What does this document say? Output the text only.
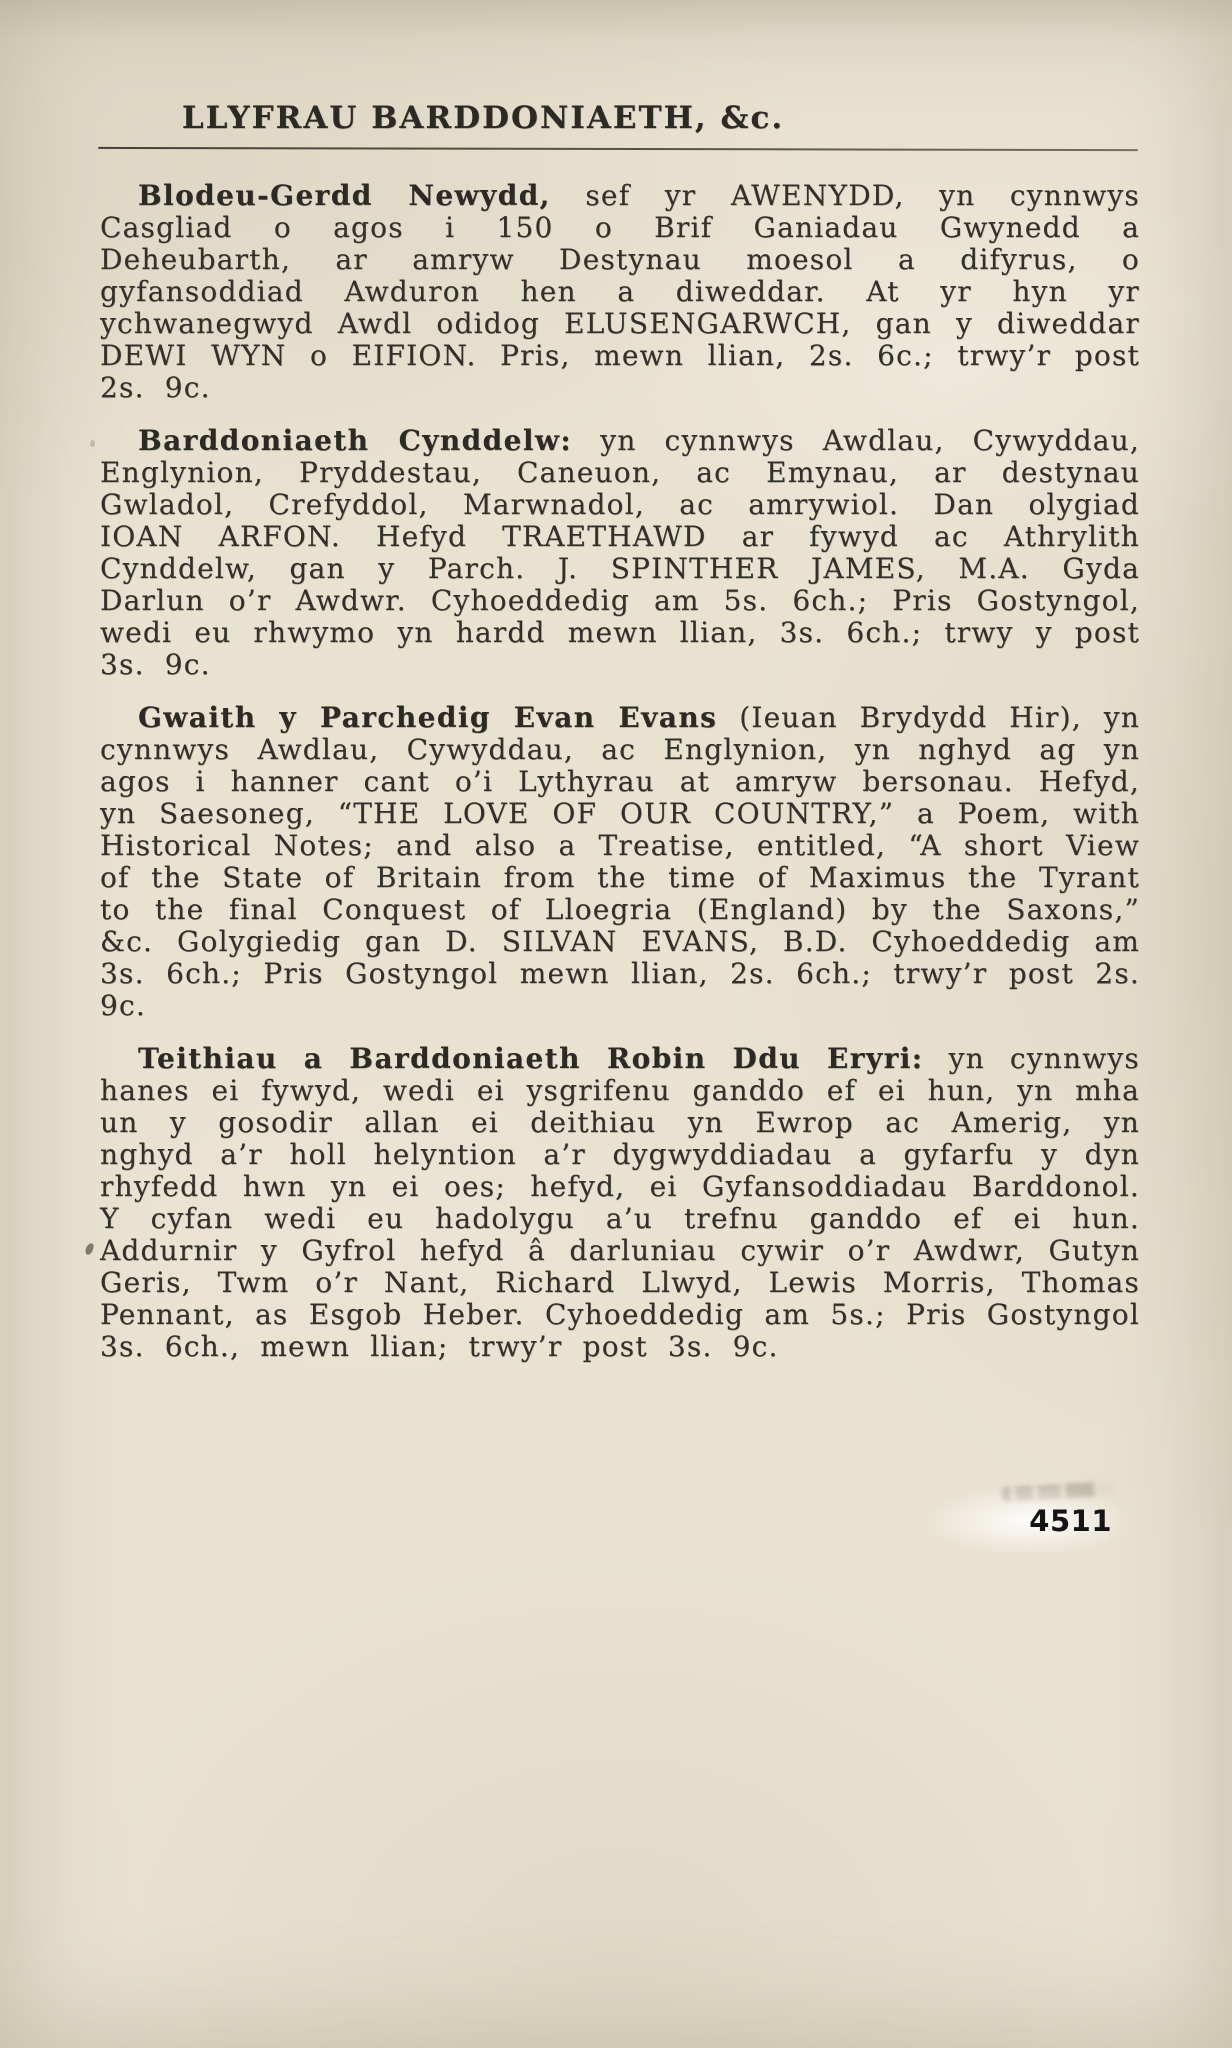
LLYFRAU BARDDONIAETH, &c.

Blodeu-Gerdd Newydd, sef yr AWENYDD, yn cynnwys Casgliad o agos i 150 o Brif Ganiadau Gwynedd a Deheubarth, ar amryw Destynau moesol a difyrus, o gyfansoddiad Awduron hen a diweddar. At yr hyn yr ychwanegwyd Awdl odidog ELUSENGARWCH, gan y diweddar DEWI WYN o EIFION. Pris, mewn llian, 2s. 6c.; trwy’r post 2s. 9c.

Barddoniaeth Cynddelw: yn cynnwys Awdlau, Cywyddau, Englynion, Pryddestau, Caneuon, ac Emynau, ar destynau Gwladol, Crefyddol, Marwnadol, ac amrywiol. Dan olygiad IOAN ARFON. Hefyd TRAETHAWD ar fywyd ac Athrylith Cynddelw, gan y Parch. J. SPINTHER JAMES, M.A. Gyda Darlun o’r Awdwr. Cyhoeddedig am 5s. 6ch.; Pris Gostyngol, wedi eu rhwymo yn hardd mewn llian, 3s. 6ch.; trwy y post 3s. 9c.

Gwaith y Parchedig Evan Evans (Ieuan Brydydd Hir), yn cynnwys Awdlau, Cywyddau, ac Englynion, yn nghyd ag yn agos i hanner cant o’i Lythyrau at amryw bersonau. Hefyd, yn Saesoneg, “THE LOVE OF OUR COUNTRY,” a Poem, with Historical Notes; and also a Treatise, entitled, “A short View of the State of Britain from the time of Maximus the Tyrant to the final Conquest of Lloegria (England) by the Saxons,” &c. Golygiedig gan D. SILVAN EVANS, B.D. Cyhoeddedig am 3s. 6ch.; Pris Gostyngol mewn llian, 2s. 6ch.; trwy’r post 2s. 9c.

Teithiau a Barddoniaeth Robin Ddu Eryri: yn cynnwys hanes ei fywyd, wedi ei ysgrifenu ganddo ef ei hun, yn mha un y gosodir allan ei deithiau yn Ewrop ac Amerig, yn nghyd a’r holl helyntion a’r dygwyddiadau a gyfarfu y dyn rhyfedd hwn yn ei oes; hefyd, ei Gyfansoddiadau Barddonol. Y cyfan wedi eu hadolygu a’u trefnu ganddo ef ei hun. Addurnir y Gyfrol hefyd â darluniau cywir o’r Awdwr, Gutyn Geris, Twm o’r Nant, Richard Llwyd, Lewis Morris, Thomas Pennant, as Esgob Heber. Cyhoeddedig am 5s.; Pris Gostyngol 3s. 6ch., mewn llian; trwy’r post 3s. 9c.

4511
